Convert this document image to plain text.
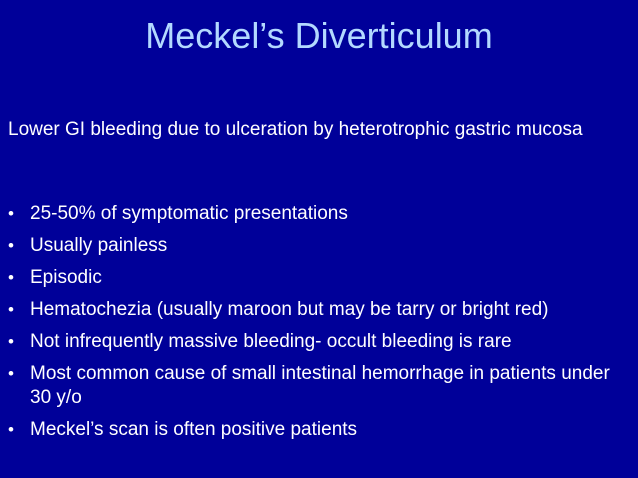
Meckel’s Diverticulum
Lower GI bleeding due to ulceration by heterotrophic gastric mucosa
• 25-50% of symptomatic presentations
• Usually painless
• Episodic
• Hematochezia (usually maroon but may be tarry or bright red)
• Not infrequently massive bleeding- occult bleeding is rare
• Most common cause of small intestinal hemorrhage in patients under 30 y/o
• Meckel’s scan is often positive patients
